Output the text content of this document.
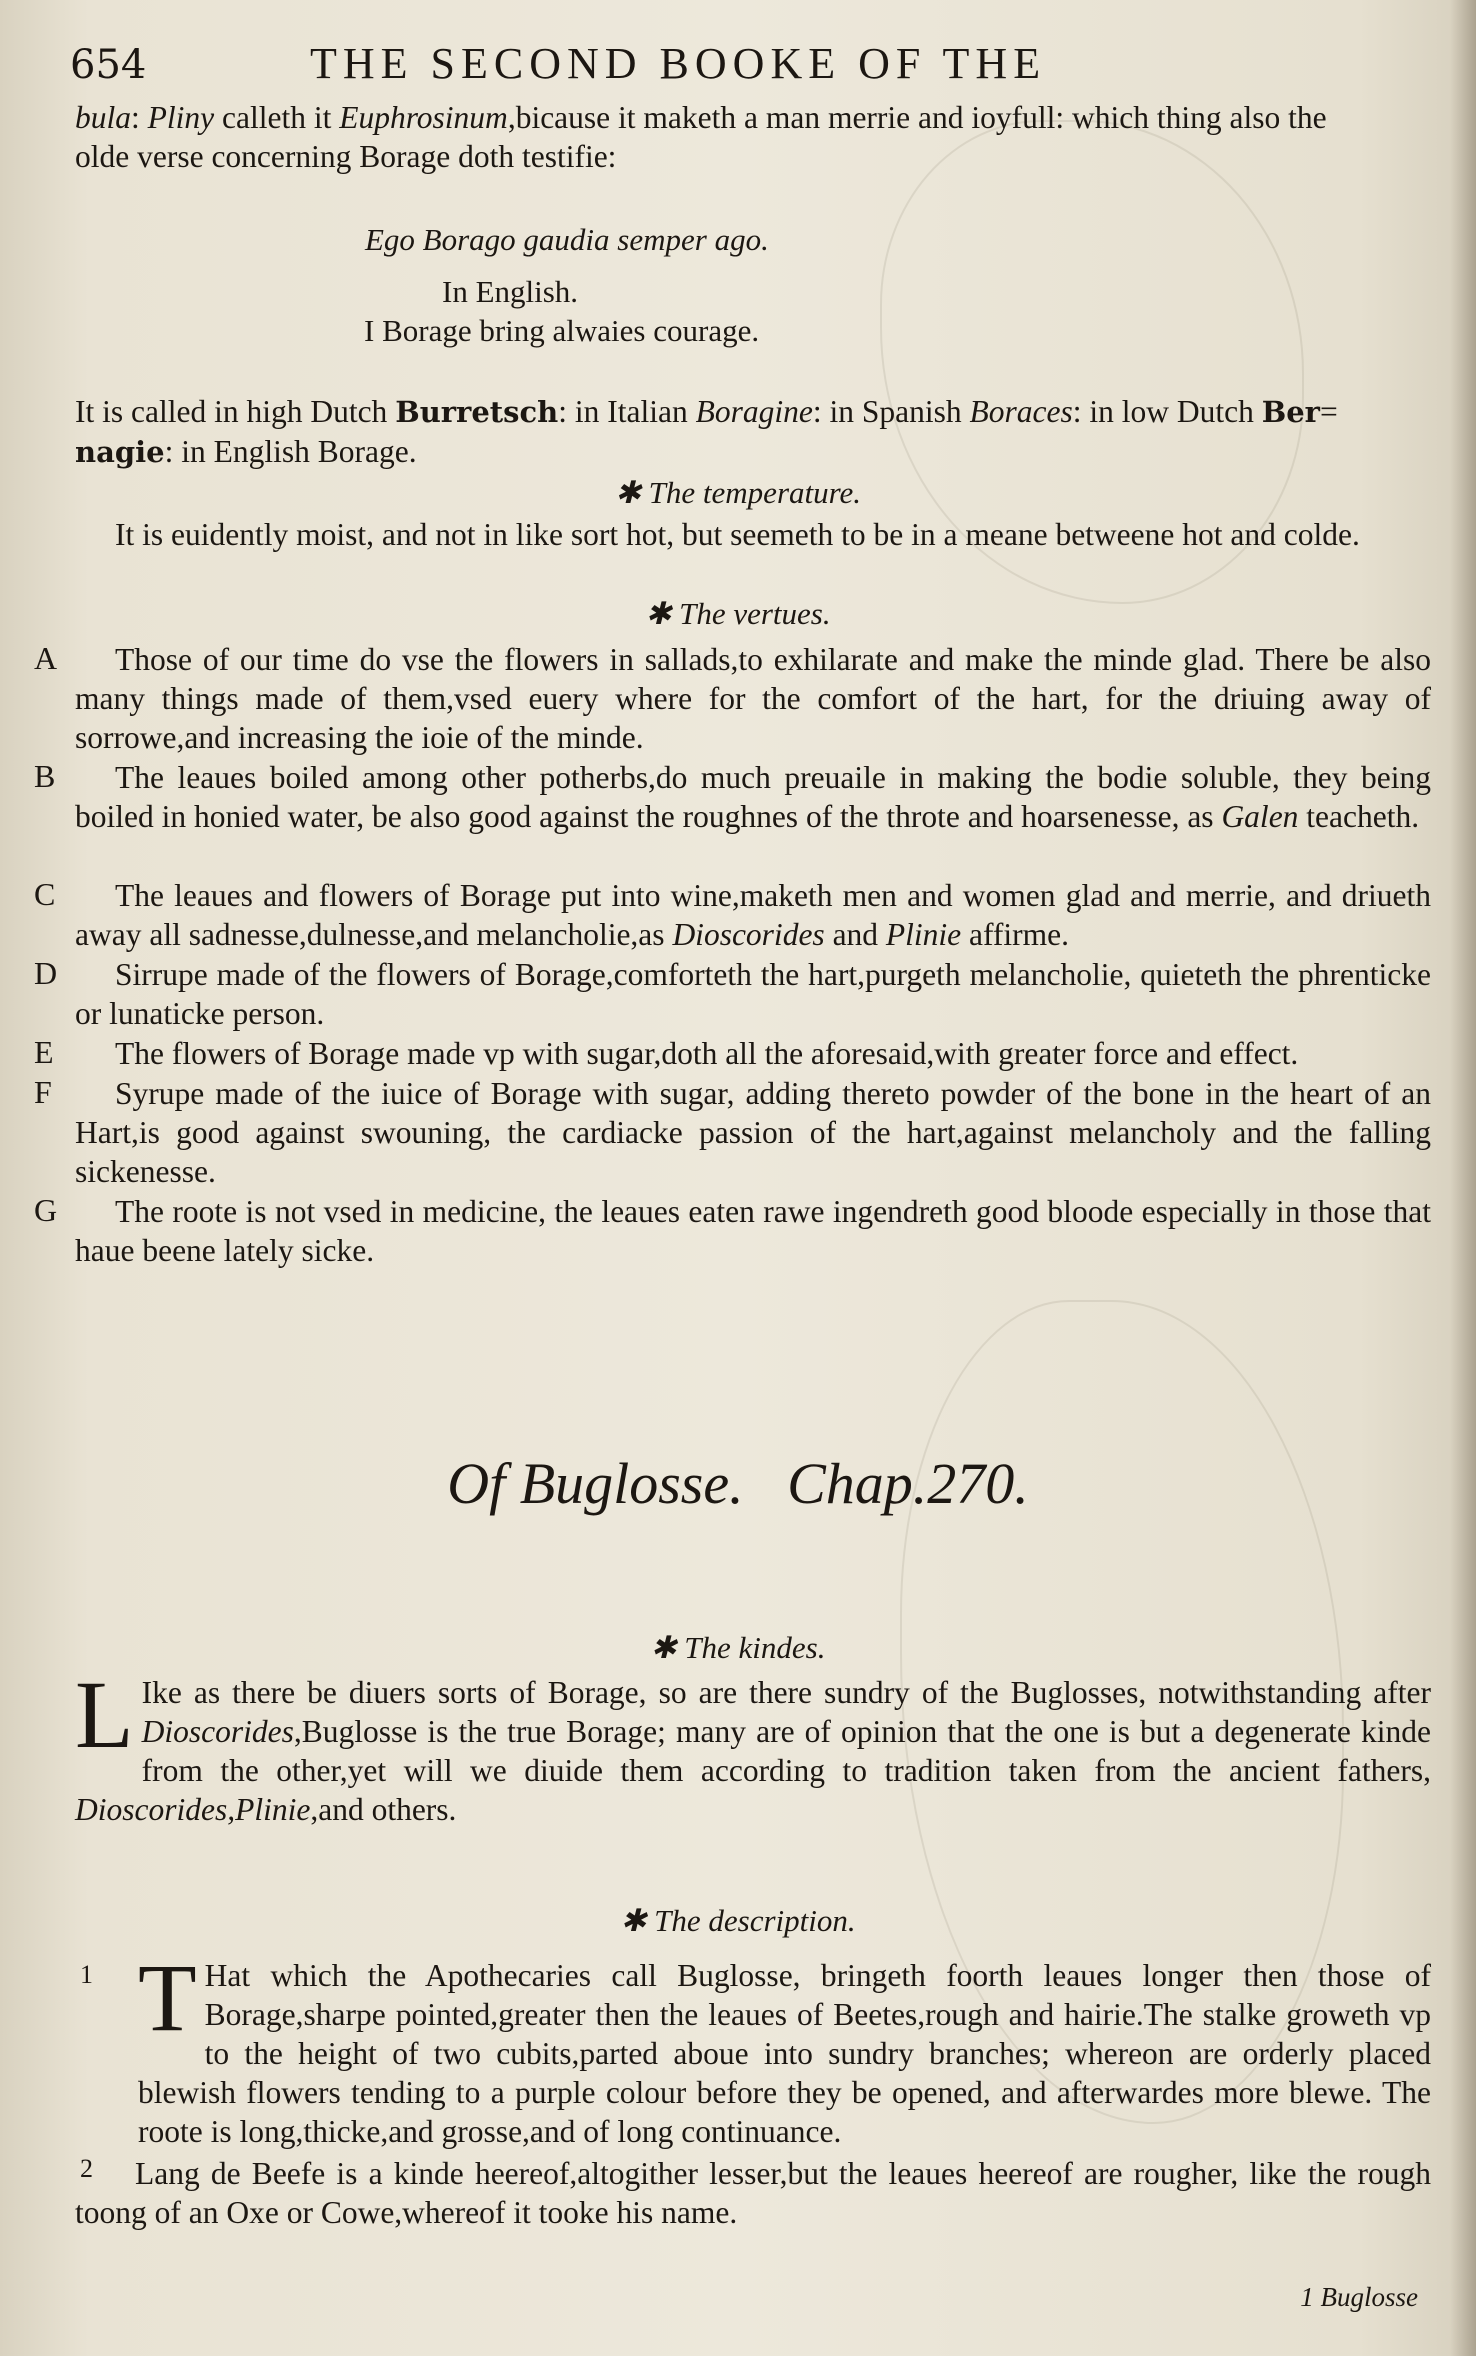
654	THE SECOND BOOKE OF THE

bula: Pliny calleth it Euphrosinum,bicause it maketh a man merrie and ioyfull: which thing also the

olde verse concerning Borage doth testifie:

Ego Borago gaudia semper ago.
In English.
I Borage bring alwaies courage.

It is called in high Dutch Burretsch: in Italian Boragine: in Spanish Boraces: in low Dutch Ber=
nagie: in English Borage.

✱ The temperature.
It is euidently moist, and not in like sort hot, but seemeth to be in a meane betweene hot and colde.
✱ The vertues.
A	Those of our time do vse the flowers in sallads,to exhilarate and make the minde glad. There be also many things made of them,vsed euery where for the comfort of the hart, for the driuing away of sorrowe,and increasing the ioie of the minde.
B	The leaues boiled among other potherbs,do much preuaile in making the bodie soluble, they being boiled in honied water, be also good against the roughnes of the throte and hoarsenesse, as Galen teacheth.
C	The leaues and flowers of Borage put into wine,maketh men and women glad and merrie, and driueth away all sadnesse,dulnesse,and melancholie,as Dioscorides and Plinie affirme.
D	Sirrupe made of the flowers of Borage,comforteth the hart,purgeth melancholie, quieteth the phrenticke or lunaticke person.
E	The flowers of Borage made vp with sugar,doth all the aforesaid,with greater force and effect.
F	Syrupe made of the iuice of Borage with sugar, adding thereto powder of the bone in the heart of an Hart,is good against swouning, the cardiacke passion of the hart,against melancholy and the falling sickenesse.
G	The roote is not vsed in medicine, the leaues eaten rawe ingendreth good bloode especially in those that haue beene lately sicke.
Of Buglosse. Chap.270.
✱ The kindes.
L Ike as there be diuers sorts of Borage, so are there sundry of the Buglosses, notwithstanding after Dioscorides,Buglosse is the true Borage; many are of opinion that the one is but a degenerate kinde from the other,yet will we diuide them according to tradition taken from the ancient fathers, Dioscorides,Plinie,and others.
✱ The description.
1 T Hat which the Apothecaries call Buglosse, bringeth foorth leaues longer then those of Borage,sharpe pointed,greater then the leaues of Beetes,rough and hairie.The stalke groweth vp to the height of two cubits,parted aboue into sundry branches; whereon are orderly placed blewish flowers tending to a purple colour before they be opened, and afterwardes more blewe. The roote is long,thicke,and grosse,and of long continuance.
2	Lang de Beefe is a kinde heereof,altogither lesser,but the leaues heereof are rougher, like the rough toong of an Oxe or Cowe,whereof it tooke his name.
1 Buglosse
